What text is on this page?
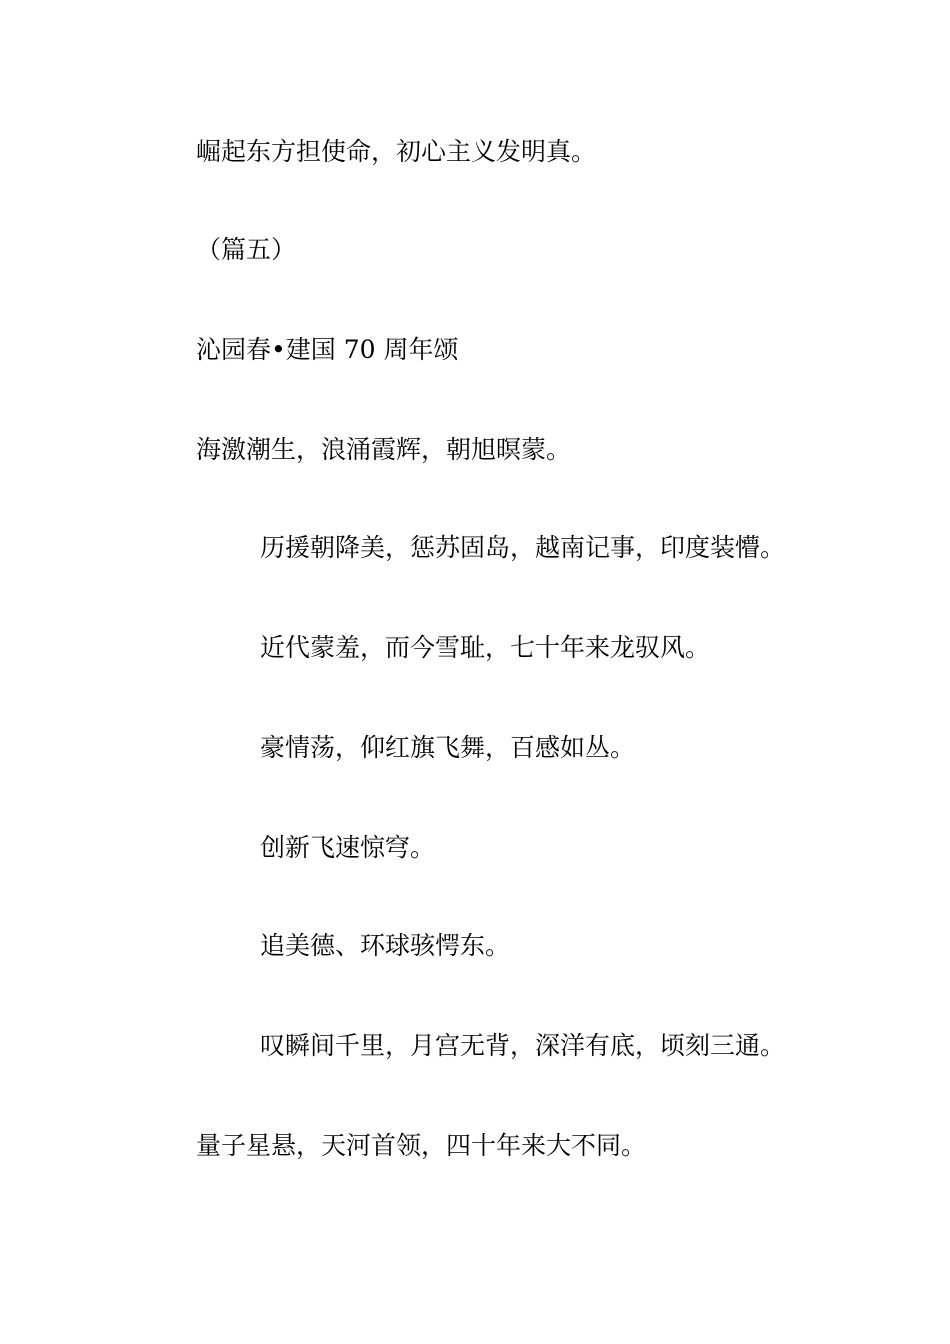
崛起东方担使命，初心主义发明真。
（篇五）
沁园春•建国 70 周年颂
海激潮生，浪涌霞辉，朝旭暝蒙。
历援朝降美，惩苏固岛，越南记事，印度装懵。
近代蒙羞，而今雪耻，七十年来龙驭风。
豪情荡，仰红旗飞舞，百感如丛。
创新飞速惊穹。
追美德、环球骇愕东。
叹瞬间千里，月宫无背，深洋有底，顷刻三通。
量子星悬，天河首领，四十年来大不同。
